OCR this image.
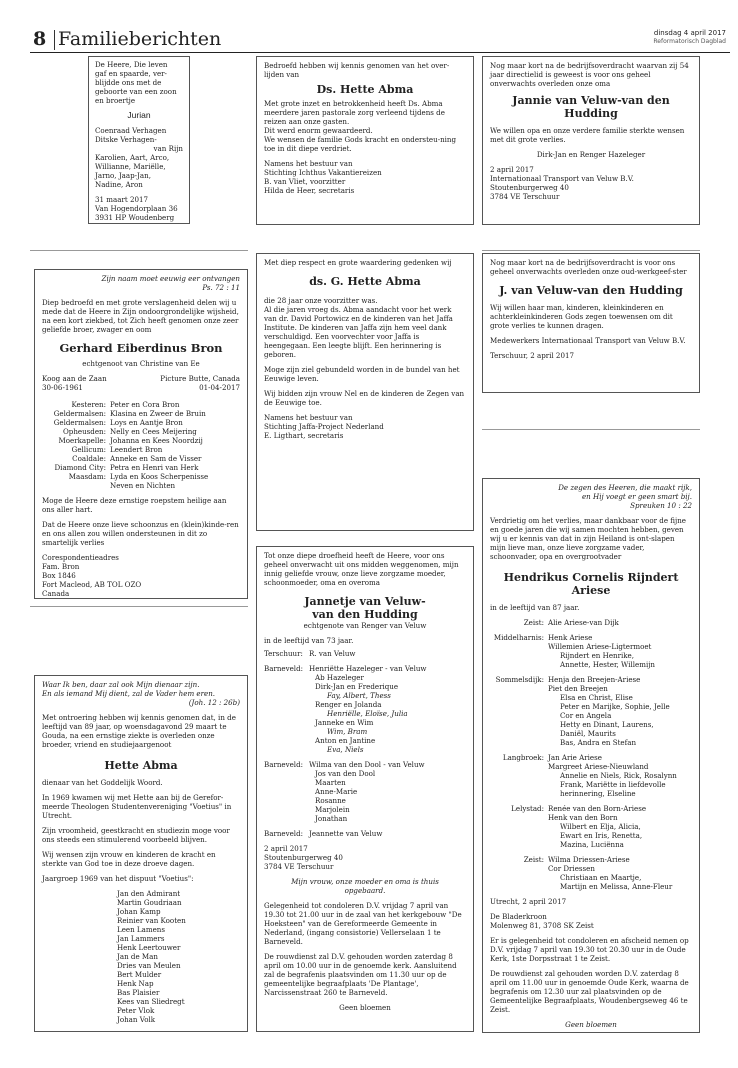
8 Familieberichten	dinsdag 4 april 2017
Reformatorisch Dagblad
De Heere, Die leven
gaf en spaarde, ver-
blijdde ons met de
geboorte van een zoon
en broertje
Jurian
Coenraad Verhagen
Ditske Verhagen-
van Rijn
Karolien, Aart, Arco,
Willianne, Mariëlle,
Jarno, Jaap-Jan,
Nadine, Aron
31 maart 2017
Van Hogendorplaan 36
3931 HP Woudenberg
Bedroefd hebben wij kennis genomen van het over-lijden van
Ds. Hette Abma
Met grote inzet en betrokkenheid heeft Ds. Abma meerdere jaren pastorale zorg verleend tijdens de reizen aan onze gasten.
Dit werd enorm gewaardeerd.
We wensen de familie Gods kracht en ondersteu-ning toe in dit diepe verdriet.
Namens het bestuur van
Stichting Ichthus Vakantiereizen
B. van Vliet, voorzitter
Hilda de Heer, secretaris
Nog maar kort na de bedrijfsoverdracht waarvan zij 54 jaar directielid is geweest is voor ons geheel onverwachts overleden onze oma
Jannie van Veluw-van den Hudding
We willen opa en onze verdere familie sterkte wensen met dit grote verlies.
Dirk-Jan en Renger Hazeleger
2 april 2017
Internationaal Transport van Veluw B.V.
Stoutenburgerweg 40
3784 VE Terschuur
Zijn naam moet eeuwig eer ontvangen
Ps. 72 : 11
Diep bedroefd en met grote verslagenheid delen wij u mede dat de Heere in Zijn ondoorgrondelijke wijsheid, na een kort ziekbed, tot Zich heeft genomen onze zeer geliefde broer, zwager en oom
Gerhard Eiberdinus Bron
echtgenoot van Christine van Ee
Koog aan de Zaan
30-06-1961
Picture Butte, Canada
01-04-2017
Kesteren:	Peter en Cora Bron
Geldermalsen:	Klasina en Zweer de Bruin
Geldermalsen:	Loys en Aantje Bron
Opheusden:	Nelly en Cees Meijering
Moerkapelle:	Johanna en Kees Noordzij
Gellicum:	Leendert Bron
Coaldale:	Anneke en Sam de Visser
Diamond City:	Petra en Henri van Herk
Maasdam:	Lyda en Koos Scherpenisse
	Neven en Nichten
Moge de Heere deze ernstige roepstem heilige aan ons aller hart.
Dat de Heere onze lieve schoonzus en (klein)kinde-ren en ons allen zou willen ondersteunen in dit zo smartelijk verlies
Corespondentieadres
Fam. Bron
Box 1846
Fort Macleod, AB TOL OZO
Canada
Met diep respect en grote waardering gedenken wij
ds. G. Hette Abma
die 28 jaar onze voorzitter was.
Al die jaren vroeg ds. Abma aandacht voor het werk van dr. David Portowicz en de kinderen van het Jaffa Institute. De kinderen van Jaffa zijn hem veel dank verschuldigd. Een voorvechter voor Jaffa is heengegaan. Een leegte blijft. Een herinnering is geboren.
Moge zijn ziel gebundeld worden in de bundel van het Eeuwige leven.
Wij bidden zijn vrouw Nel en de kinderen de Zegen van de Eeuwige toe.
Namens het bestuur van
Stichting Jaffa-Project Nederland
E. Ligthart, secretaris
Nog maar kort na de bedrijfsoverdracht is voor ons geheel onverwachts overleden onze oud-werkgeef-ster
J. van Veluw-van den Hudding
Wij willen haar man, kinderen, kleinkinderen en achterkleinkinderen Gods zegen toewensen om dit grote verlies te kunnen dragen.
Medewerkers Internationaal Transport van Veluw B.V.
Terschuur, 2 april 2017
De zegen des Heeren, die maakt rijk,
en Hij voegt er geen smart bij.
Spreuken 10 : 22
Verdrietig om het verlies, maar dankbaar voor de fijne en goede jaren die wij samen mochten hebben, geven wij u er kennis van dat in zijn Heiland is ont-slapen mijn lieve man, onze lieve zorgzame vader, schoonvader, opa en overgrootvader
Hendrikus Cornelis Rijndert Ariese
in de leeftijd van 87 jaar.
Zeist:	Alie Ariese-van Dijk
Middelharnis:	Henk Ariese
	Willemien Ariese-Ligtermoet
	Rijndert en Henrike,
	Annette, Hester, Willemijn
Sommelsdijk:	Henja den Breejen-Ariese
	Piet den Breejen
	Elsa en Christ, Elise
	Peter en Marijke, Sophie, Jelle
	Cor en Angela
	Hetty en Dinant, Laurens,
	Daniël, Maurits
	Bas, Andra en Stefan
Langbroek:	Jan Arie Ariese
	Margreet Ariese-Nieuwland
	Annelie en Niels, Rick, Rosalynn
	Frank, Mariëtte in liefdevolle
	herinnering, Elseline
Lelystad:	Renée van den Born-Ariese
	Henk van den Born
	Wilbert en Elja, Alicia,
	Ewart en Iris, Renetta,
	Mazina, Luciënna
Zeist:	Wilma Driessen-Ariese
	Cor Driessen
	Christiaan en Maartje,
	Martijn en Melissa, Anne-Fleur
Utrecht, 2 april 2017
De Bladerkroon
Molenweg 81, 3708 SK Zeist
Er is gelegenheid tot condoleren en afscheid nemen op D.V. vrijdag 7 april van 19.30 tot 20.30 uur in de Oude Kerk, 1ste Dorpsstraat 1 te Zeist.
De rouwdienst zal gehouden worden D.V. zaterdag 8 april om 11.00 uur in genoemde Oude Kerk, waarna de begrafenis om 12.30 uur zal plaatsvinden op de Gemeentelijke Begraafplaats, Woudenbergseweg 46 te Zeist.
Geen bloemen
Tot onze diepe droefheid heeft de Heere, voor ons geheel onverwacht uit ons midden weggenomen, mijn innig geliefde vrouw, onze lieve zorgzame moeder, schoonmoeder, oma en overoma
Jannetje van Veluw-
van den Hudding
echtgenote van Renger van Veluw
in de leeftijd van 73 jaar.
Terschuur:	R. van Veluw
Barneveld:	Henriëtte Hazeleger - van Veluw
	Ab Hazeleger
	Dirk-Jan en Frederique
	Fay, Albert, Thess
	Renger en Jolanda
	Henriëlle, Eloïse, Julia
	Janneke en Wim
	Wim, Bram
	Anton en Jantine
	Eva, Niels
Barneveld:	Wilma van den Dool - van Veluw
	Jos van den Dool
	Maarten
	Anne-Marie
	Rosanne
	Marjolein
	Jonathan
Barneveld:	Jeannette van Veluw
2 april 2017
Stoutenburgerweg 40
3784 VE Terschuur
Mijn vrouw, onze moeder en oma is thuis
opgebaard.
Gelegenheid tot condoleren D.V. vrijdag 7 april van 19.30 tot 21.00 uur in de zaal van het kerkgebouw "De Hoeksteen" van de Gereformeerde Gemeente in Nederland, (ingang consistorie) Vellerselaan 1 te Barneveld.
De rouwdienst zal D.V. gehouden worden zaterdag 8 april om 10.00 uur in de genoemde kerk. Aansluitend zal de begrafenis plaatsvinden om 11.30 uur op de gemeentelijke begraafplaats 'De Plantage', Narcissenstraat 260 te Barneveld.
Geen bloemen
Waar Ik ben, daar zal ook Mijn dienaar zijn.
En als iemand Mij dient, zal de Vader hem eren.
(Joh. 12 : 26b)
Met ontroering hebben wij kennis genomen dat, in de leeftijd van 89 jaar, op woensdagavond 29 maart te Gouda, na een ernstige ziekte is overleden onze broeder, vriend en studiejaargenoot
Hette Abma
dienaar van het Goddelijk Woord.
In 1969 kwamen wij met Hette aan bij de Gerefor-meerde Theologen Studentenvereniging "Voetius" in Utrecht.
Zijn vroomheid, geestkracht en studiezin moge voor ons steeds een stimulerend voorbeeld blijven.
Wij wensen zijn vrouw en kinderen de kracht en sterkte van God toe in deze droeve dagen.
Jaargroep 1969 van het dispuut "Voetius":
Jan den Admirant
Martin Goudriaan
Johan Kamp
Reinier van Kooten
Leen Lamens
Jan Lammers
Henk Leertouwer
Jan de Man
Dries van Meulen
Bert Mulder
Henk Nap
Bas Plaisier
Kees van Sliedregt
Peter Vlok
Johan Volk
